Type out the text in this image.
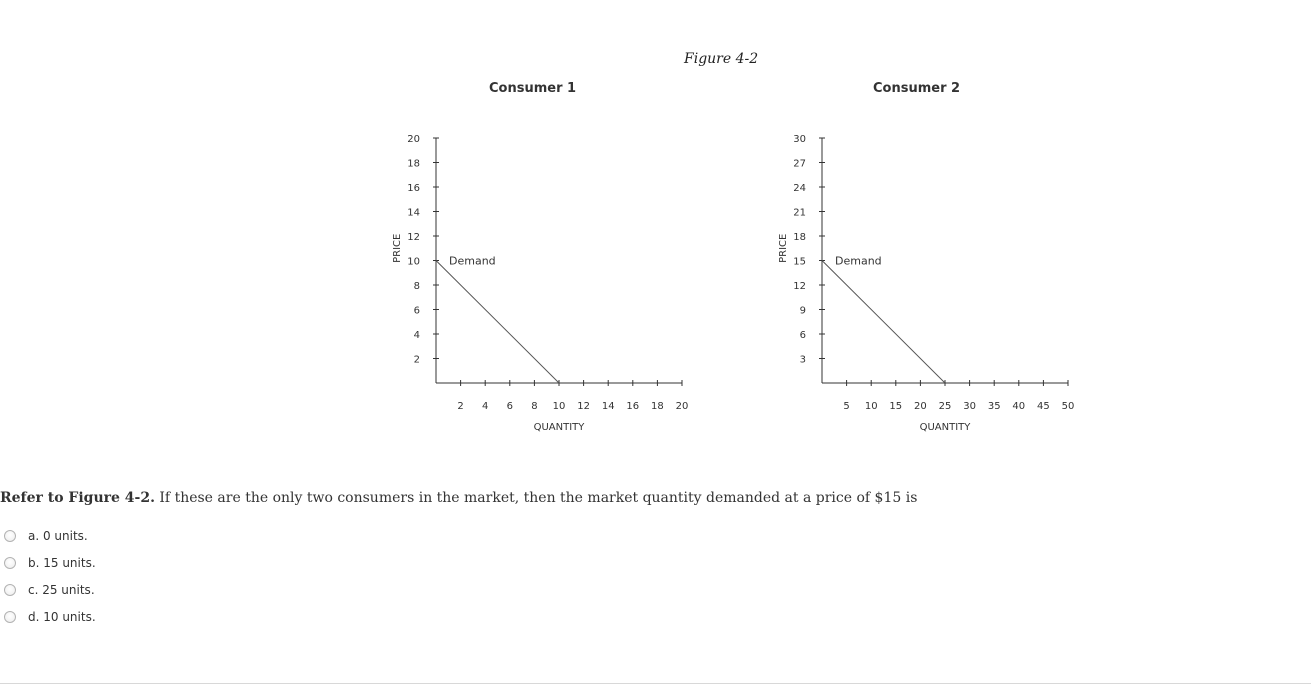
Figure 4-2
Consumer 1	Consumer 2
2 4 6 8 10 12 14 16 18 20
2
4
6
8
10
12
14
16
18
20
Demand
QUANTITY
PRICE
5 10 15 20 25 30 35 40 45 50
3
6
9
12
15
18
21
24
27
30
Demand
QUANTITY
PRICE
Refer to Figure 4-2. If these are the only two consumers in the market, then the market quantity demanded at a price of $15 is
a. 0 units.
b. 15 units.
c. 25 units.
d. 10 units.
